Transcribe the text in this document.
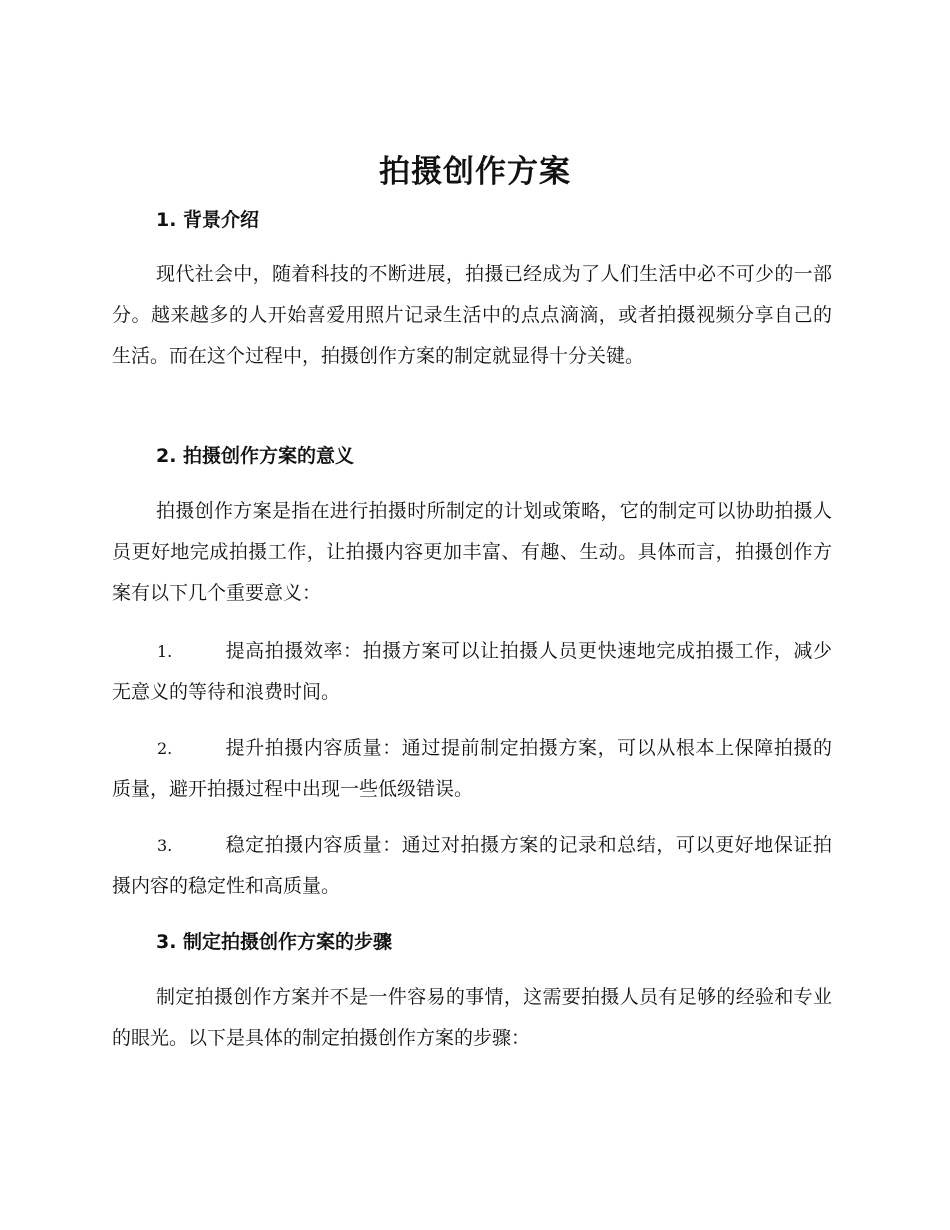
拍摄创作方案
1. 背景介绍

现代社会中，随着科技的不断进展，拍摄已经成为了人们生活中必不可少的一部分。越来越多的人开始喜爱用照片记录生活中的点点滴滴，或者拍摄视频分享自己的生活。而在这个过程中，拍摄创作方案的制定就显得十分关键。

2. 拍摄创作方案的意义

拍摄创作方案是指在进行拍摄时所制定的计划或策略，它的制定可以协助拍摄人员更好地完成拍摄工作，让拍摄内容更加丰富、有趣、生动。具体而言，拍摄创作方案有以下几个重要意义：

1.	提高拍摄效率：拍摄方案可以让拍摄人员更快速地完成拍摄工作，减少无意义的等待和浪费时间。

2.	提升拍摄内容质量：通过提前制定拍摄方案，可以从根本上保障拍摄的质量，避开拍摄过程中出现一些低级错误。

3.	稳定拍摄内容质量：通过对拍摄方案的记录和总结，可以更好地保证拍摄内容的稳定性和高质量。

3. 制定拍摄创作方案的步骤

制定拍摄创作方案并不是一件容易的事情，这需要拍摄人员有足够的经验和专业的眼光。以下是具体的制定拍摄创作方案的步骤：
